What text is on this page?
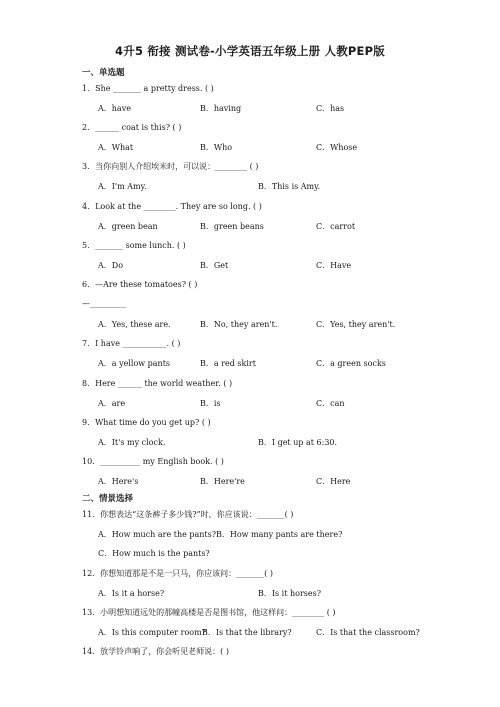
4升5 衔接 测试卷-小学英语五年级上册 人教PEP版
一、单选题
1．She _______ a pretty dress. ( )
A．have	B．having	C．has
2．______ coat is this? ( )
A．What	B．Who	C．Whose
3．当你向别人介绍埃米时，可以说：________ ( )
A．I'm Amy.	B．This is Amy.
4．Look at the ________. They are so long. ( )
A．green bean	B．green beans	C．carrot
5．_______ some lunch. ( )
A．Do	B．Get	C．Have
6．—Are these tomatoes? ( )
—_________
A．Yes, these are.	B．No, they aren't.	C．Yes, they aren't.
7．I have ___________. ( )
A．a yellow pants	B．a red skirt	C．a green socks
8．Here ______ the world weather. ( )
A．are	B．is	C．can
9．What time do you get up? ( )
A．It's my clock.	B．I get up at 6:30.
10．__________ my English book. ( )
A．Here's	B．Here're	C．Here
二、情景选择
11．你想表达“这条裤子多少钱?”时，你应该说：_______( )
A．How much are the pants? B．How many pants are there?
C．How much is the pants?
12．你想知道那是不是一只马，你应该问：_______( )
A．Is it a horse?	B．Is it horses?
13．小明想知道远处的那幢高楼是否是图书馆，他这样问：________ ( )
A．Is this computer room?
B．Is that the library?	C．Is that the classroom?
14．放学铃声响了，你会听见老师说：( )
